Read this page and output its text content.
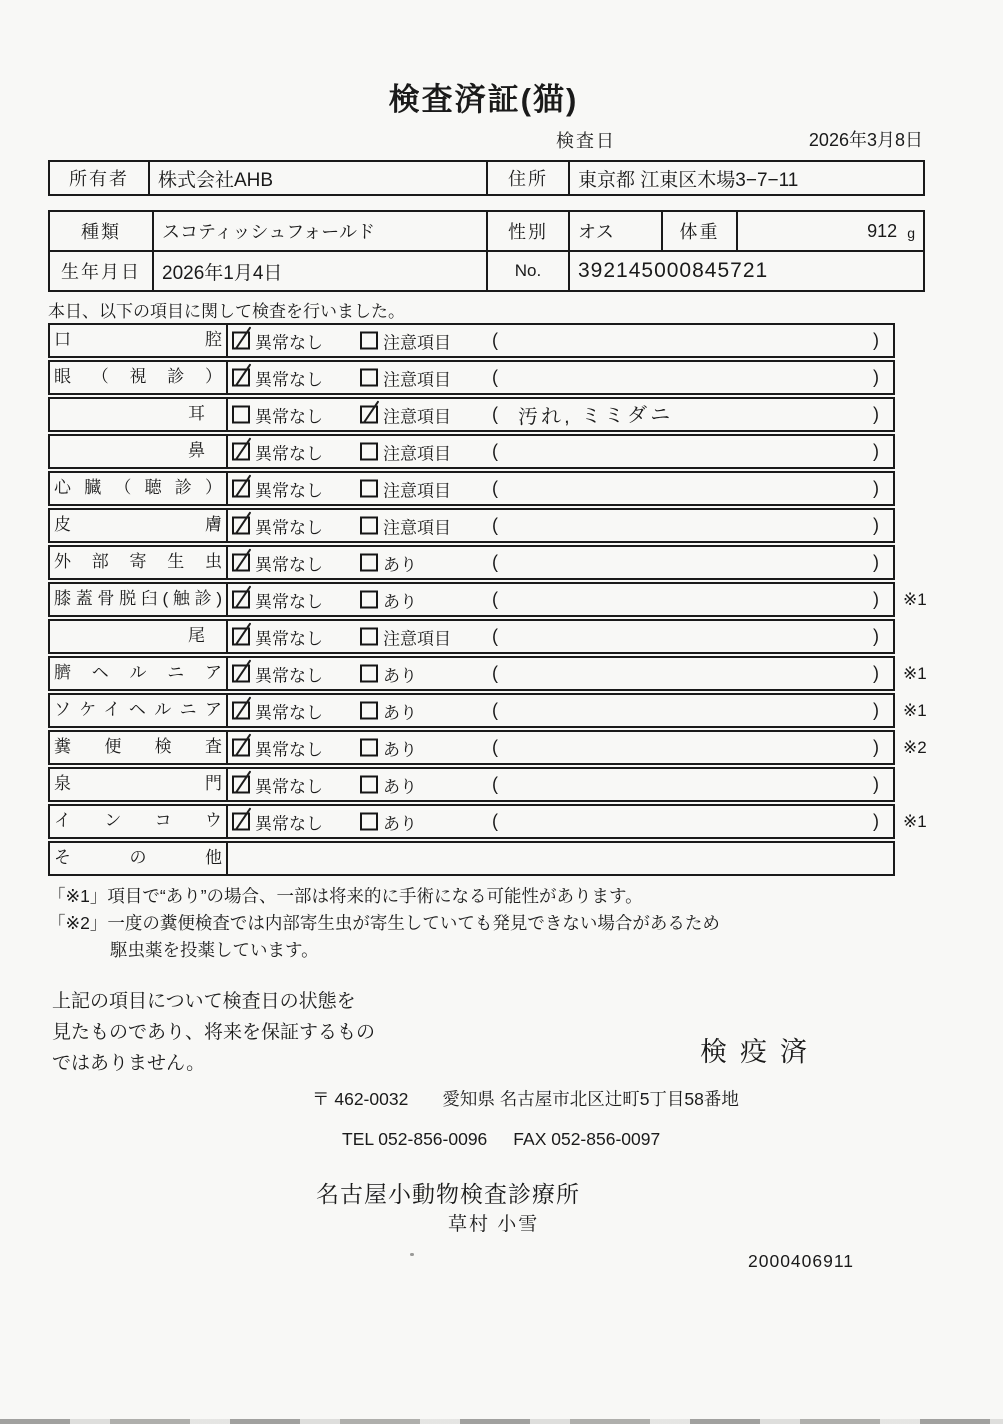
検査済証(猫)
検査日	2026年3月8日
所有者	株式会社AHB	住所	東京都 江東区木場3−7−11
種類	スコティッシュフォールド	性別	オス	体重	912 g
生年月日	2026年1月4日	No.	392145000845721
本日、以下の項目に関して検査を行いました。
口腔	異常なし	注意項目 (	)
眼（視診）	異常なし	注意項目 (	)
　耳　	異常なし	注意項目 ( 汚れ, ミミダニ	)
　鼻　	異常なし	注意項目 (	)
心臓（聴診）	異常なし	注意項目 (	)
皮膚	異常なし	注意項目 (	)
外部寄生虫	異常なし	あり	(	)
膝蓋骨脱臼(触診)	異常なし	あり	(	) ※1
　尾　	異常なし	注意項目 (	)
臍ヘルニア	異常なし	あり	(	) ※1
ソケイヘルニア	異常なし	あり	(	) ※1
糞便検査	異常なし	あり	(	) ※2
泉門	異常なし	あり	(	)
インコウ	異常なし	あり	(	) ※1
その他
「※1」項目で“あり”の場合、一部は将来的に手術になる可能性があります。
「※2」一度の糞便検査では内部寄生虫が寄生していても発見できない場合があるため
駆虫薬を投薬しています。
上記の項目について検査日の状態を
見たものであり、将来を保証するもの
ではありません。	検疫済
〒 462-0032 愛知県 名古屋市北区辻町5丁目58番地
TEL 052-856-0096 FAX 052-856-0097
名古屋小動物検査診療所
草村 小雪
2000406911
